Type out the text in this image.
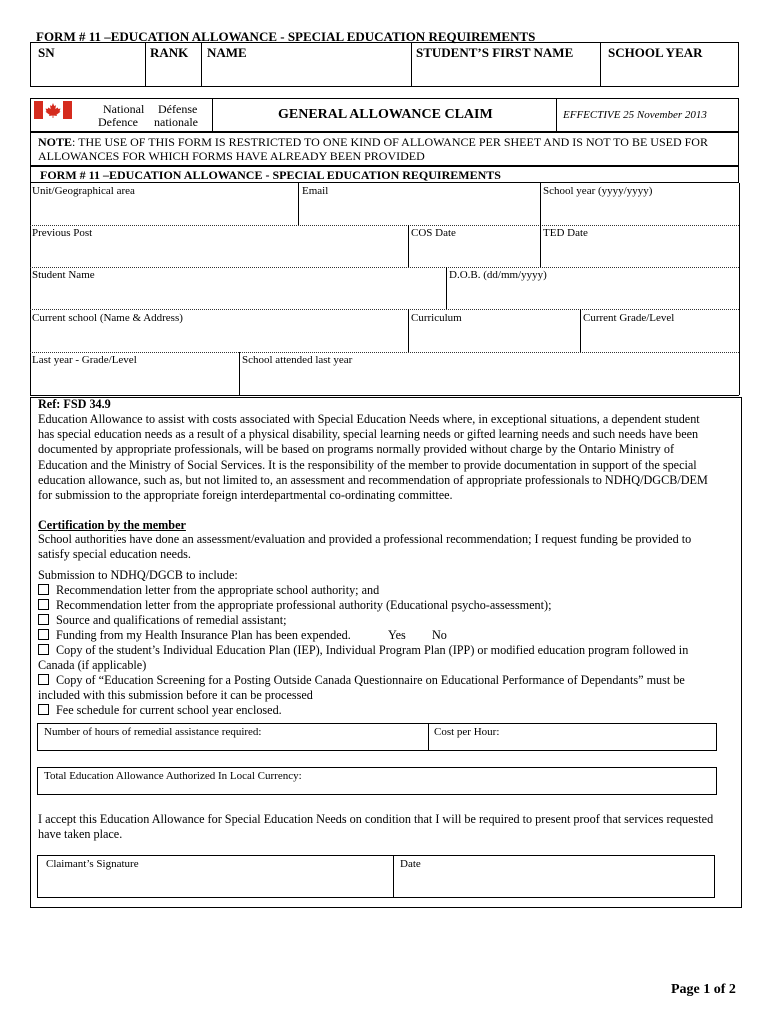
FORM # 11 –EDUCATION ALLOWANCE - SPECIAL EDUCATION REQUIREMENTS
SN	RANK NAME	STUDENT’S FIRST NAME	SCHOOL YEAR
National Défense
Defence nationale	GENERAL ALLOWANCE CLAIM	EFFECTIVE 25 November 2013
NOTE: THE USE OF THIS FORM IS RESTRICTED TO ONE KIND OF ALLOWANCE PER SHEET AND IS NOT TO BE USED FOR ALLOWANCES FOR WHICH FORMS HAVE ALREADY BEEN PROVIDED
FORM # 11 –EDUCATION ALLOWANCE - SPECIAL EDUCATION REQUIREMENTS
Unit/Geographical area	Email	School year (yyyy/yyyy)
Previous Post	COS Date	TED Date
Student Name	D.O.B. (dd/mm/yyyy)
Current school (Name & Address)	Curriculum	Current Grade/Level
Last year - Grade/Level	School attended last year
Ref: FSD 34.9
Education Allowance to assist with costs associated with Special Education Needs where, in exceptional situations, a dependent student
has special education needs as a result of a physical disability, special learning needs or gifted learning needs and such needs have been
documented by appropriate professionals, will be based on programs normally provided without charge by the Ontario Ministry of
Education and the Ministry of Social Services. It is the responsibility of the member to provide documentation in support of the special
education allowance, such as, but not limited to, an assessment and recommendation of appropriate professionals to NDHQ/DGCB/DEM
for submission to the appropriate foreign interdepartmental co-ordinating committee.
Certification by the member
School authorities have done an assessment/evaluation and provided a professional recommendation; I request funding be provided to
satisfy special education needs.
Submission to NDHQ/DGCB to include:
Recommendation letter from the appropriate school authority; and
Recommendation letter from the appropriate professional authority (Educational psycho-assessment);
Source and qualifications of remedial assistant;
Funding from my Health Insurance Plan has been expended.	Yes No
Copy of the student’s Individual Education Plan (IEP), Individual Program Plan (IPP) or modified education program followed in
Canada (if applicable)
Copy of “Education Screening for a Posting Outside Canada Questionnaire on Educational Performance of Dependants” must be
included with this submission before it can be processed
Fee schedule for current school year enclosed.
Number of hours of remedial assistance required:	Cost per Hour:
Total Education Allowance Authorized In Local Currency:
I accept this Education Allowance for Special Education Needs on condition that I will be required to present proof that services requested
have taken place.
Claimant’s Signature	Date
Page 1 of 2
